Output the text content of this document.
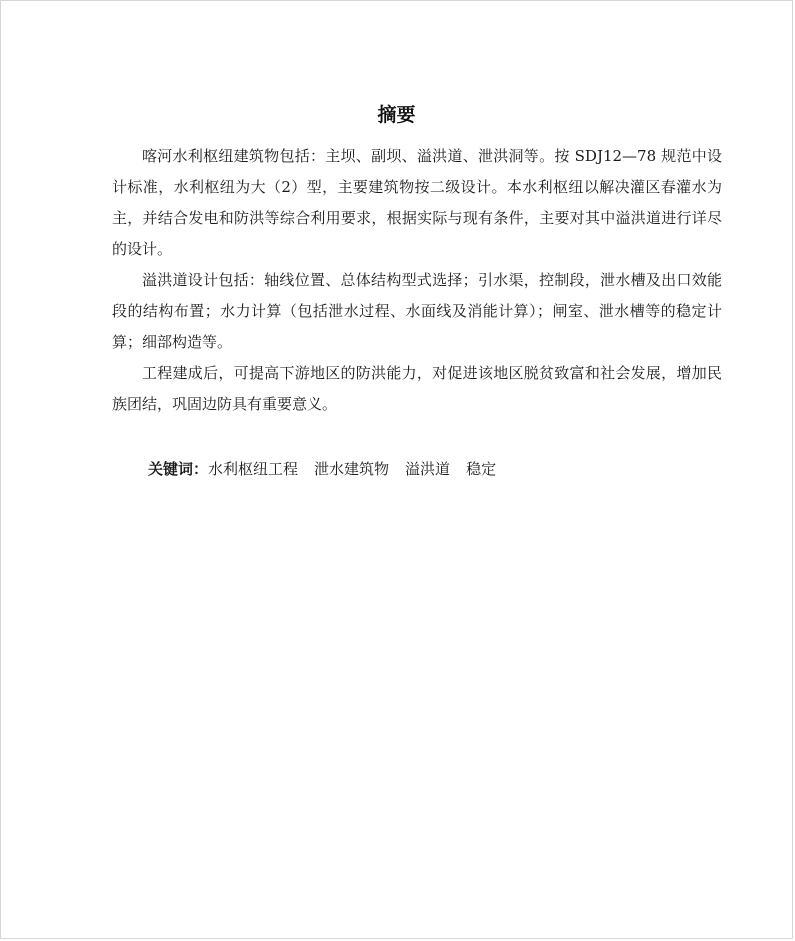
摘要

喀河水利枢纽建筑物包括：主坝、副坝、溢洪道、泄洪洞等。按 SDJ12—78 规范中设计标准，水利枢纽为大（2）型，主要建筑物按二级设计。本水利枢纽以解决灌区春灌水为主，并结合发电和防洪等综合利用要求，根据实际与现有条件，主要对其中溢洪道进行详尽的设计。

溢洪道设计包括：轴线位置、总体结构型式选择；引水渠，控制段，泄水槽及出口效能段的结构布置；水力计算（包括泄水过程、水面线及消能计算）；闸室、泄水槽等的稳定计算；细部构造等。

工程建成后，可提高下游地区的防洪能力，对促进该地区脱贫致富和社会发展，增加民族团结，巩固边防具有重要意义。

关键词：水利枢纽工程 泄水建筑物 溢洪道 稳定
